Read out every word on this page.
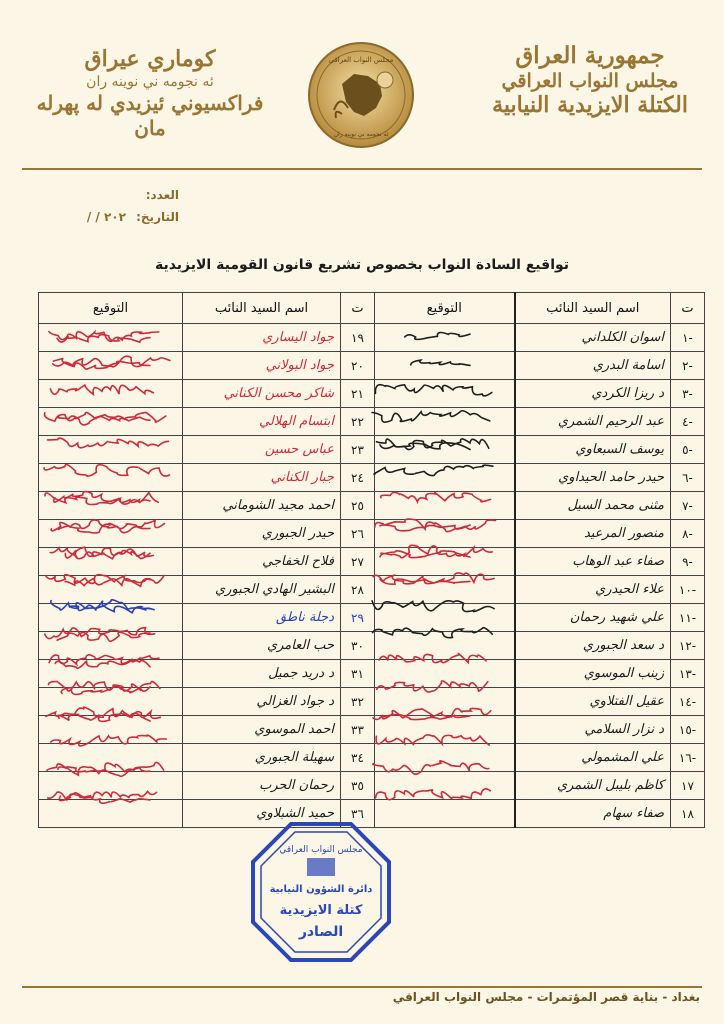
جمهورية العراق
مجلس النواب العراقي
الكتلة الايزيدية النيابية
مجلس النواب العراقي
ئه نجومه ني نوينه ران
كوماري عيراق
ئه نجومه ني نوينه ران
فراكسيوني ئيزيدي له پهرله مان
العدد:
التاريخ: / / ٢٠٢
تواقيع السادة النواب بخصوص تشريع قانون القومية الايزيدية
ت	اسم السيد النائب	التوقيع	ت	اسم السيد النائب	التوقيع
-١	اسوان الكلداني		١٩	جواد اليساري	
-٢	اسامة البدري		٢٠	جواد البولاني	
-٣	د ريزا الكردي		٢١	شاكر محسن الكناني	
-٤	عبد الرحيم الشمري		٢٢	ابتسام الهلالي	
-٥	يوسف السبعاوي		٢٣	عباس حسين	
-٦	حيدر حامد الحيداوي		٢٤	جبار الكناني	
-٧	مثنى محمد السيل		٢٥	احمد مجيد الشوماني	
-٨	منصور المرعيد		٢٦	حيدر الجبوري	
-٩	صفاء عبد الوهاب		٢٧	فلاح الخفاجي	
-١٠	علاء الحيدري		٢٨	البشير الهادي الجبوري	
-١١	علي شهيد رحمان		٢٩	دجلة ناطق	
-١٢	د سعد الجبوري		٣٠	حب العامري	
-١٣	زينب الموسوي		٣١	د دريد جميل	
-١٤	عقيل الفتلاوي		٣٢	د جواد الغزالي	
-١٥	د نزار السلامي		٣٣	احمد الموسوي	
-١٦	علي المشمولي		٣٤	سهيلة الجبوري	
١٧	كاظم بليبل الشمري		٣٥	رحمان الحرب	
١٨	صفاء سهام		٣٦	حميد الشبلاوي	
مجلس النواب العراقي
دائرة الشؤون النيابية
كتلة الايزيدية
الصادر
بغداد - بناية قصر المؤتمرات - مجلس النواب العراقي
